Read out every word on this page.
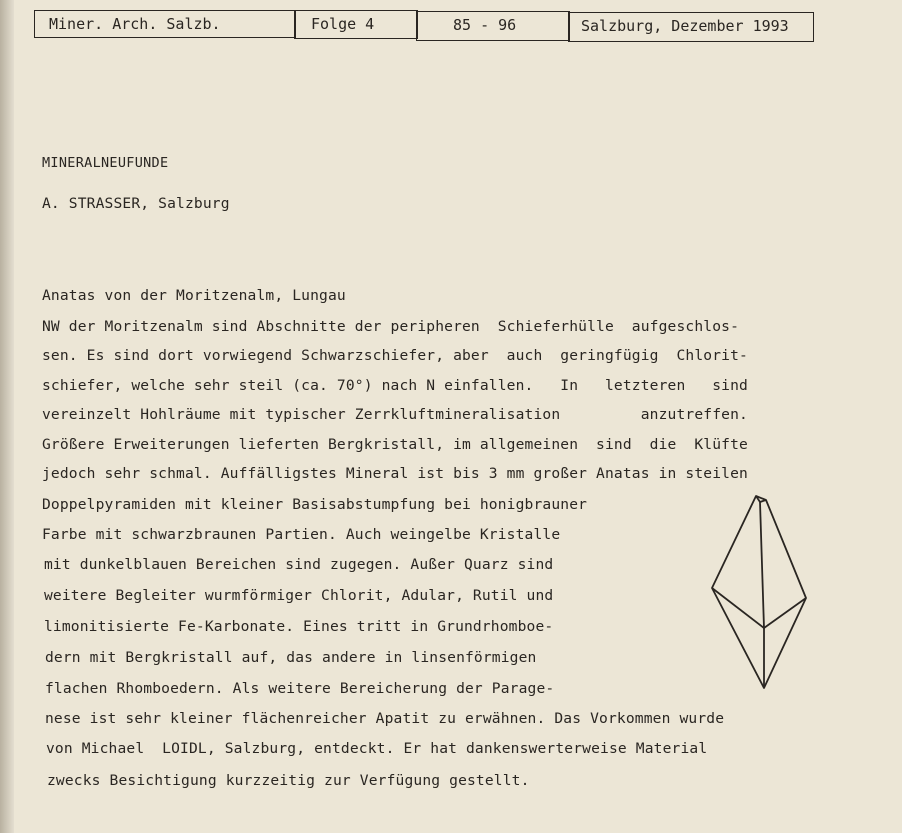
Miner. Arch. Salzb.	Folge 4	85 - 96	Salzburg, Dezember 1993
MINERALNEUFUNDE
A. STRASSER, Salzburg
Anatas von der Moritzenalm, Lungau
NW der Moritzenalm sind Abschnitte der peripheren  Schieferhülle  aufgeschlos-
sen. Es sind dort vorwiegend Schwarzschiefer, aber  auch  geringfügig  Chlorit-
schiefer, welche sehr steil (ca. 70°) nach N einfallen.   In   letzteren   sind
vereinzelt Hohlräume mit typischer Zerrkluftmineralisation         anzutreffen.
Größere Erweiterungen lieferten Bergkristall, im allgemeinen  sind  die  Klüfte
jedoch sehr schmal. Auffälligstes Mineral ist bis 3 mm großer Anatas in steilen
Doppelpyramiden mit kleiner Basisabstumpfung bei honigbrauner
Farbe mit schwarzbraunen Partien. Auch weingelbe Kristalle
mit dunkelblauen Bereichen sind zugegen. Außer Quarz sind
weitere Begleiter wurmförmiger Chlorit, Adular, Rutil und
limonitisierte Fe-Karbonate. Eines tritt in Grundrhomboe-
dern mit Bergkristall auf, das andere in linsenförmigen
flachen Rhomboedern. Als weitere Bereicherung der Parage-
nese ist sehr kleiner flächenreicher Apatit zu erwähnen. Das Vorkommen wurde
von Michael  LOIDL, Salzburg, entdeckt. Er hat dankenswerterweise Material
zwecks Besichtigung kurzzeitig zur Verfügung gestellt.
